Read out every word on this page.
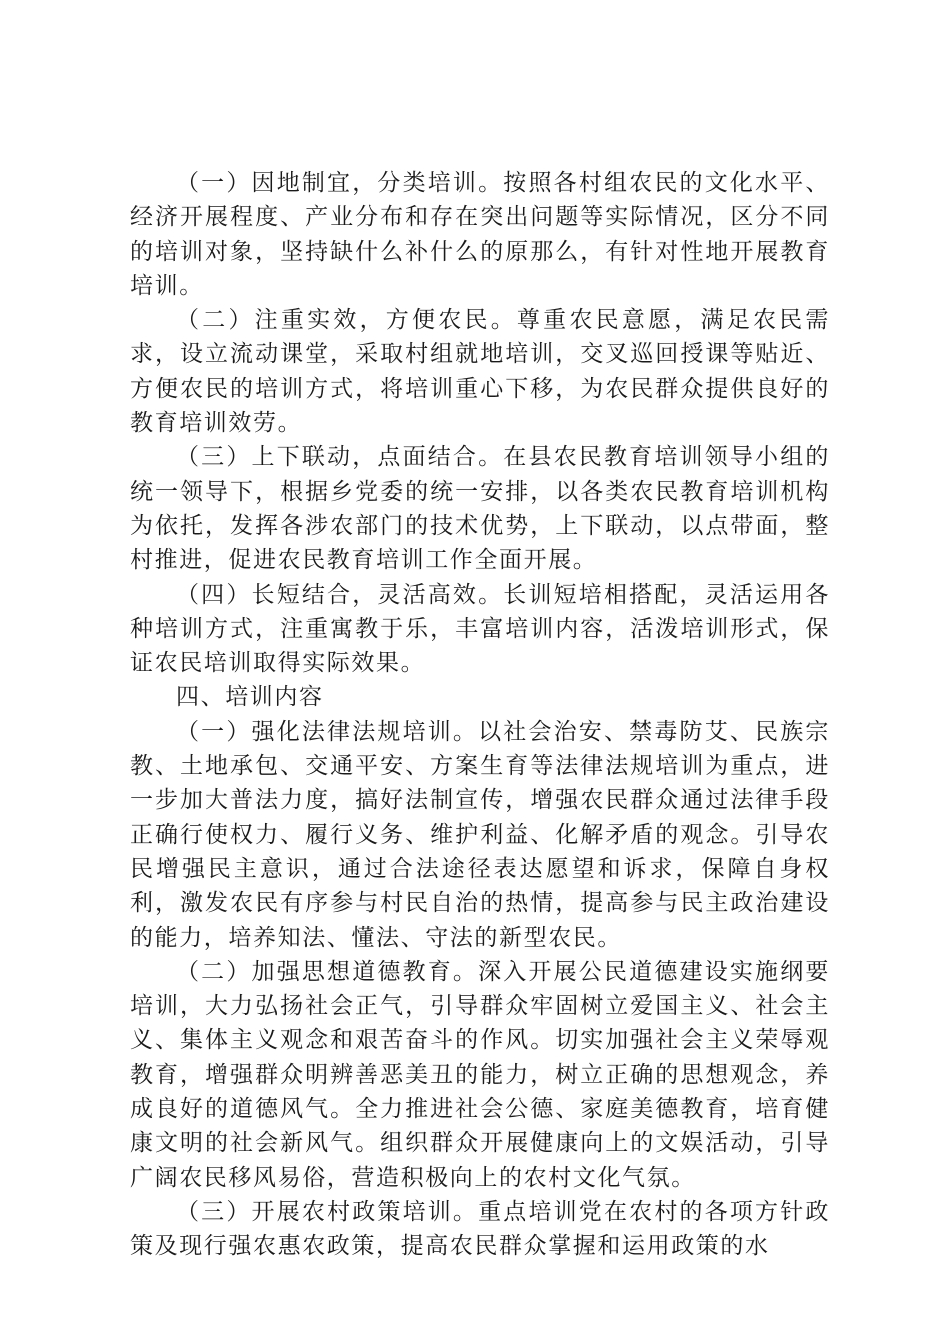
（一）因地制宜，分类培训。按照各村组农民的文化水平、经济开展程度、产业分布和存在突出问题等实际情况，区分不同的培训对象，坚持缺什么补什么的原那么，有针对性地开展教育培训。

（二）注重实效，方便农民。尊重农民意愿，满足农民需求，设立流动课堂，采取村组就地培训，交叉巡回授课等贴近、方便农民的培训方式，将培训重心下移，为农民群众提供良好的教育培训效劳。

（三）上下联动，点面结合。在县农民教育培训领导小组的统一领导下，根据乡党委的统一安排，以各类农民教育培训机构为依托，发挥各涉农部门的技术优势，上下联动，以点带面，整村推进，促进农民教育培训工作全面开展。

（四）长短结合，灵活高效。长训短培相搭配，灵活运用各种培训方式，注重寓教于乐，丰富培训内容，活泼培训形式，保证农民培训取得实际效果。

四、培训内容

（一）强化法律法规培训。以社会治安、禁毒防艾、民族宗教、土地承包、交通平安、方案生育等法律法规培训为重点，进一步加大普法力度，搞好法制宣传，增强农民群众通过法律手段正确行使权力、履行义务、维护利益、化解矛盾的观念。引导农民增强民主意识，通过合法途径表达愿望和诉求，保障自身权利，激发农民有序参与村民自治的热情，提高参与民主政治建设的能力，培养知法、懂法、守法的新型农民。

（二）加强思想道德教育。深入开展公民道德建设实施纲要培训，大力弘扬社会正气，引导群众牢固树立爱国主义、社会主义、集体主义观念和艰苦奋斗的作风。切实加强社会主义荣辱观教育，增强群众明辨善恶美丑的能力，树立正确的思想观念，养成良好的道德风气。全力推进社会公德、家庭美德教育，培育健康文明的社会新风气。组织群众开展健康向上的文娱活动，引导广阔农民移风易俗，营造积极向上的农村文化气氛。

（三）开展农村政策培训。重点培训党在农村的各项方针政策及现行强农惠农政策，提高农民群众掌握和运用政策的水
